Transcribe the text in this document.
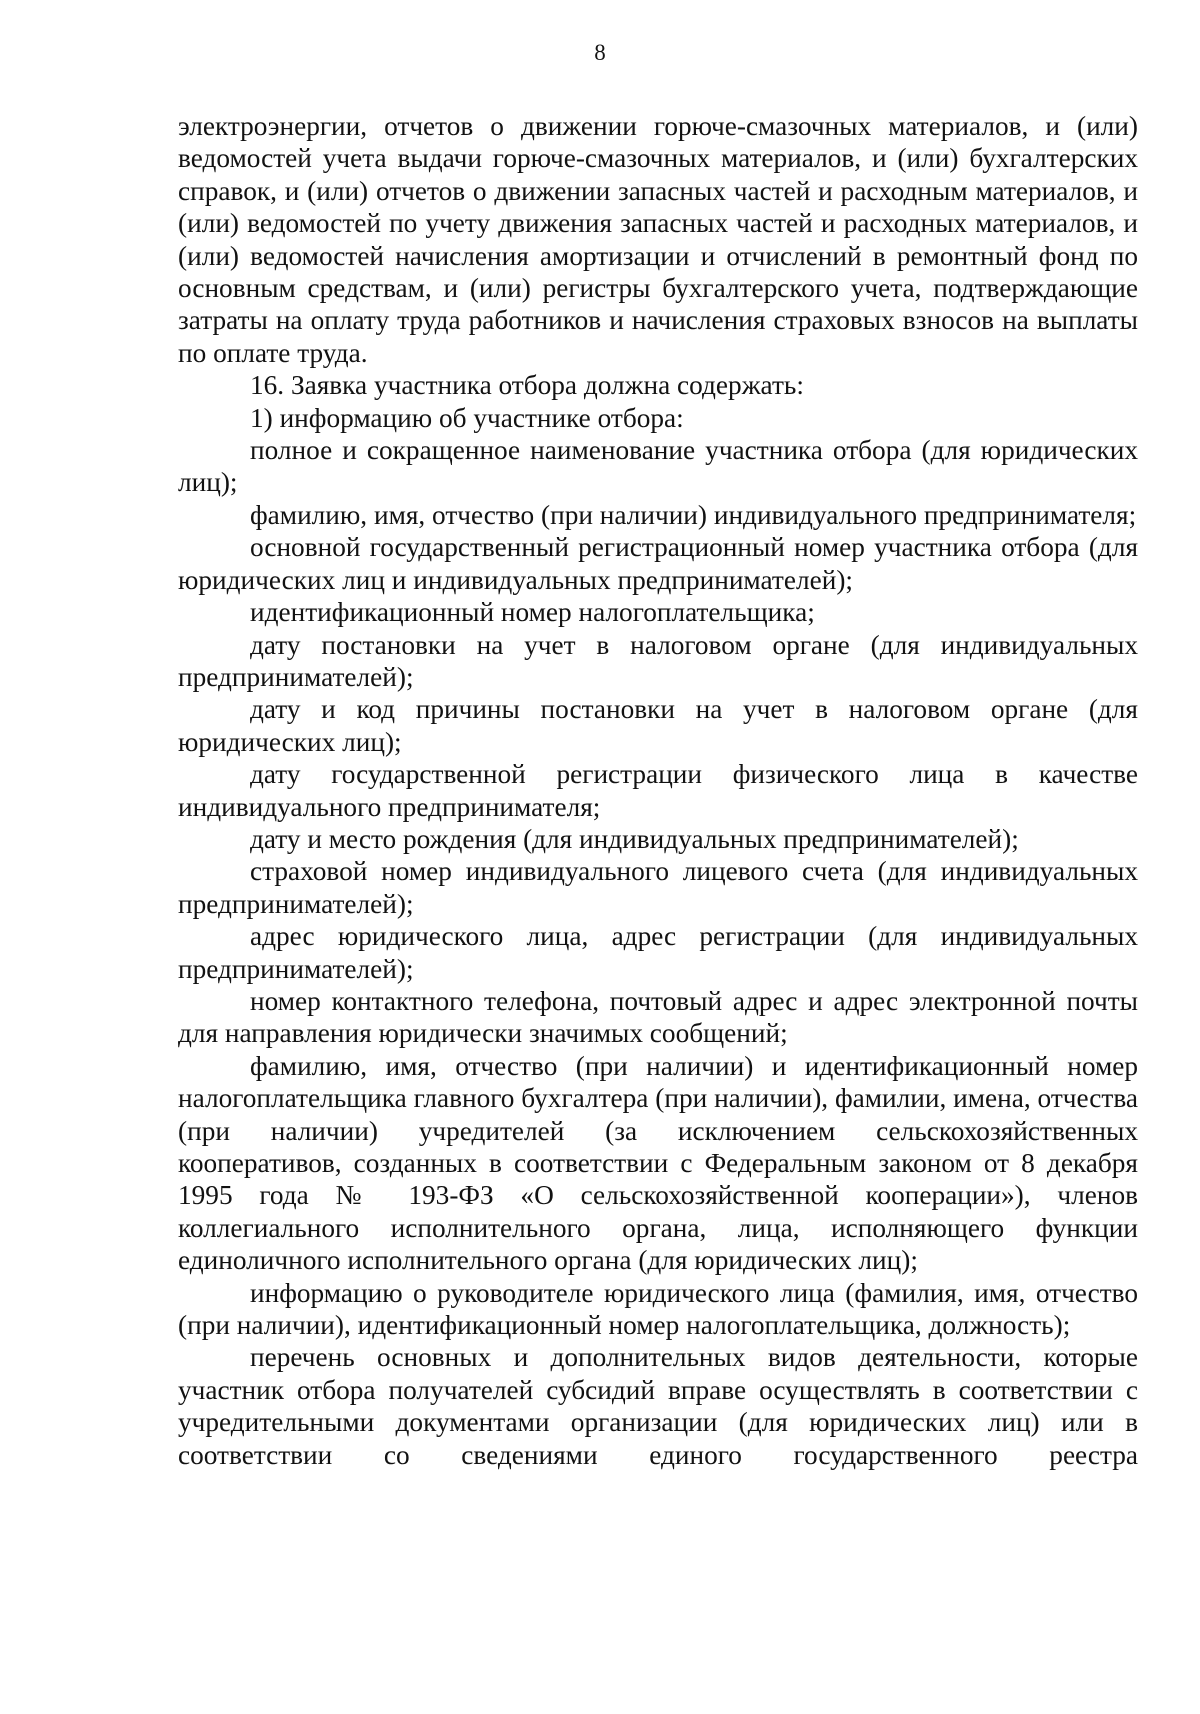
8

электроэнергии, отчетов о движении горюче-смазочных материалов, и (или) ведомостей учета выдачи горюче-смазочных материалов, и (или) бухгалтерских справок, и (или) отчетов о движении запасных частей и расходным материалов, и (или) ведомостей по учету движения запасных частей и расходных материалов, и (или) ведомостей начисления амортизации и отчислений в ремонтный фонд по основным средствам, и (или) регистры бухгалтерского учета, подтверждающие затраты на оплату труда работников и начисления страховых взносов на выплаты по оплате труда.

16. Заявка участника отбора должна содержать:

1) информацию об участнике отбора:

полное и сокращенное наименование участника отбора (для юридических лиц);

фамилию, имя, отчество (при наличии) индивидуального предпринимателя;

основной государственный регистрационный номер участника отбора (для юридических лиц и индивидуальных предпринимателей);

идентификационный номер налогоплательщика;

дату постановки на учет в налоговом органе (для индивидуальных предпринимателей);

дату и код причины постановки на учет в налоговом органе (для юридических лиц);

дату государственной регистрации физического лица в качестве индивидуального предпринимателя;

дату и место рождения (для индивидуальных предпринимателей);

страховой номер индивидуального лицевого счета (для индивидуальных предпринимателей);

адрес юридического лица, адрес регистрации (для индивидуальных предпринимателей);

номер контактного телефона, почтовый адрес и адрес электронной почты для направления юридически значимых сообщений;

фамилию, имя, отчество (при наличии) и идентификационный номер налогоплательщика главного бухгалтера (при наличии), фамилии, имена, отчества (при наличии) учредителей (за исключением сельскохозяйственных кооперативов, созданных в соответствии с Федеральным законом от 8 декабря 1995 года № 193-ФЗ «О сельскохозяйственной кооперации»), членов коллегиального исполнительного органа, лица, исполняющего функции единоличного исполнительного органа (для юридических лиц);

информацию о руководителе юридического лица (фамилия, имя, отчество (при наличии), идентификационный номер налогоплательщика, должность);

перечень основных и дополнительных видов деятельности, которые участник отбора получателей субсидий вправе осуществлять в соответствии с учредительными документами организации (для юридических лиц) или в соответствии со сведениями единого государственного реестра
